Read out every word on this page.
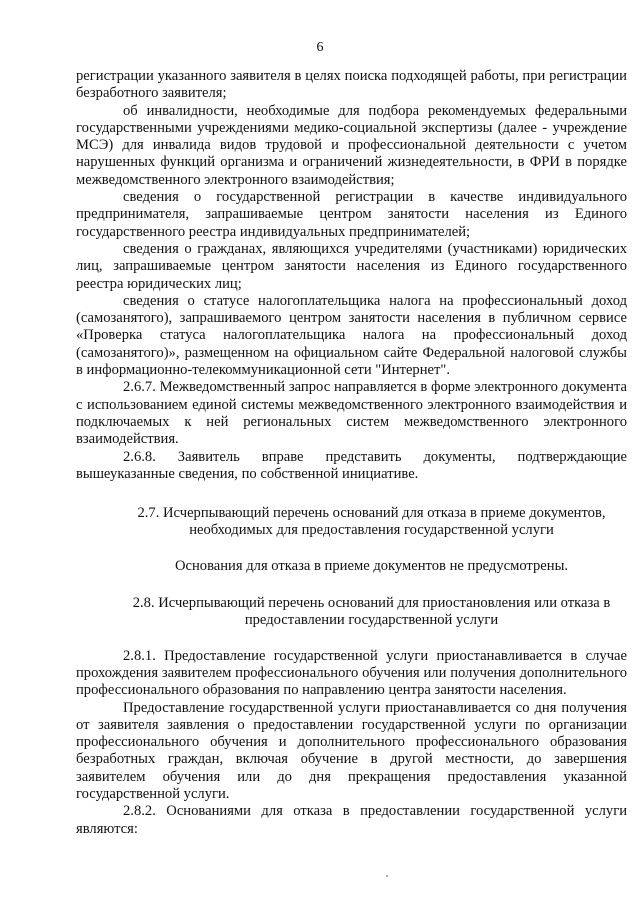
6

регистрации указанного заявителя в целях поиска подходящей работы, при регистрации безработного заявителя;

об инвалидности, необходимые для подбора рекомендуемых федеральными государственными учреждениями медико-социальной экспертизы (далее - учреждение МСЭ) для инвалида видов трудовой и профессиональной деятельности с учетом нарушенных функций организма и ограничений жизнедеятельности, в ФРИ в порядке межведомственного электронного взаимодействия;

сведения о государственной регистрации в качестве индивидуального предпринимателя, запрашиваемые центром занятости населения из Единого государственного реестра индивидуальных предпринимателей;

сведения о гражданах, являющихся учредителями (участниками) юридических лиц, запрашиваемые центром занятости населения из Единого государственного реестра юридических лиц;

сведения о статусе налогоплательщика налога на профессиональный доход (самозанятого), запрашиваемого центром занятости населения в публичном сервисе «Проверка статуса налогоплательщика налога на профессиональный доход (самозанятого)», размещенном на официальном сайте Федеральной налоговой службы в информационно-телекоммуникационной сети "Интернет".

2.6.7. Межведомственный запрос направляется в форме электронного документа с использованием единой системы межведомственного электронного взаимодействия и подключаемых к ней региональных систем межведомственного электронного взаимодействия.

2.6.8. Заявитель вправе представить документы, подтверждающие вышеуказанные сведения, по собственной инициативе.

2.7. Исчерпывающий перечень оснований для отказа в приеме документов, необходимых для предоставления государственной услуги

Основания для отказа в приеме документов не предусмотрены.

2.8. Исчерпывающий перечень оснований для приостановления или отказа в предоставлении государственной услуги

2.8.1. Предоставление государственной услуги приостанавливается в случае прохождения заявителем профессионального обучения или получения дополнительного профессионального образования по направлению центра занятости населения.

Предоставление государственной услуги приостанавливается со дня получения от заявителя заявления о предоставлении государственной услуги по организации профессионального обучения и дополнительного профессионального образования безработных граждан, включая обучение в другой местности, до завершения заявителем обучения или до дня прекращения предоставления указанной государственной услуги.

2.8.2. Основаниями для отказа в предоставлении государственной услуги являются:
